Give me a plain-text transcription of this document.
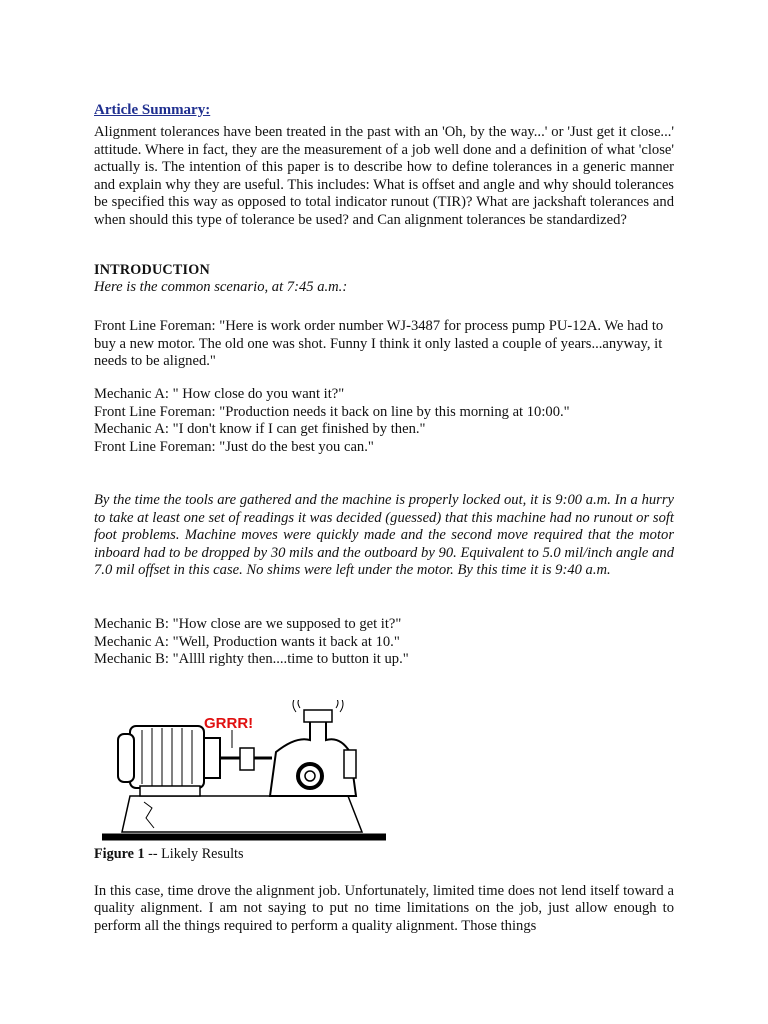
Article Summary:

Alignment tolerances have been treated in the past with an 'Oh, by the way...' or 'Just get it close...' attitude. Where in fact, they are the measurement of a job well done and a definition of what 'close' actually is. The intention of this paper is to describe how to define tolerances in a generic manner and explain why they are useful. This includes: What is offset and angle and why should tolerances be specified this way as opposed to total indicator runout (TIR)? What are jackshaft tolerances and when should this type of tolerance be used? and Can alignment tolerances be standardized?

INTRODUCTION
Here is the common scenario, at 7:45 a.m.:

Front Line Foreman: "Here is work order number WJ-3487 for process pump PU-12A. We had to buy a new motor. The old one was shot. Funny I think it only lasted a couple of years...anyway, it needs to be aligned."

Mechanic A: " How close do you want it?"

Front Line Foreman: "Production needs it back on line by this morning at 10:00."

Mechanic A: "I don't know if I can get finished by then."

Front Line Foreman: "Just do the best you can."

By the time the tools are gathered and the machine is properly locked out, it is 9:00 a.m. In a hurry to take at least one set of readings it was decided (guessed) that this machine had no runout or soft foot problems. Machine moves were quickly made and the second move required that the motor inboard had to be dropped by 30 mils and the outboard by 90. Equivalent to 5.0 mil/inch angle and 7.0 mil offset in this case. No shims were left under the motor. By this time it is 9:40 a.m.

Mechanic B: "How close are we supposed to get it?"

Mechanic A: "Well, Production wants it back at 10."

Mechanic B: "Allll righty then....time to button it up."

GRRR!
Figure 1 -- Likely Results

In this case, time drove the alignment job. Unfortunately, limited time does not lend itself toward a quality alignment. I am not saying to put no time limitations on the job, just allow enough to perform all the things required to perform a quality alignment. Those things
